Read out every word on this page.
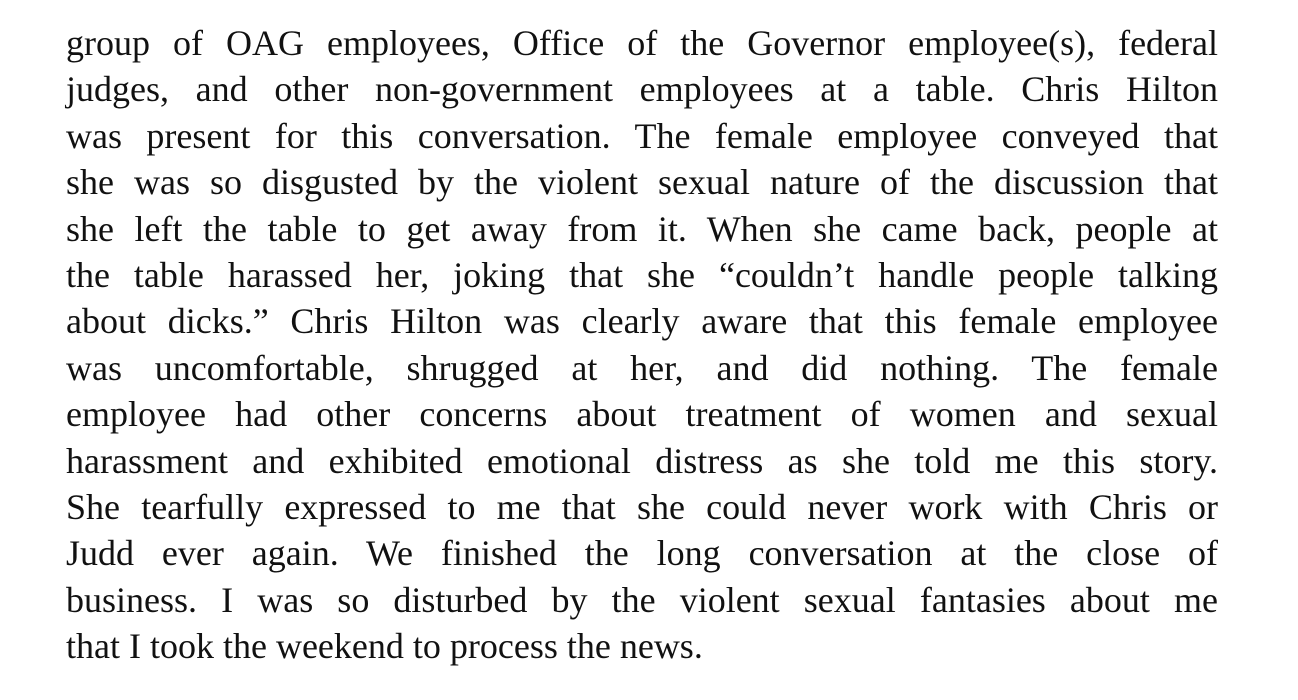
group of OAG employees, Office of the Governor employee(s), federal
judges, and other non-government employees at a table. Chris Hilton
was present for this conversation. The female employee conveyed that
she was so disgusted by the violent sexual nature of the discussion that
she left the table to get away from it. When she came back, people at
the table harassed her, joking that she “couldn’t handle people talking
about dicks.” Chris Hilton was clearly aware that this female employee
was uncomfortable, shrugged at her, and did nothing. The female
employee had other concerns about treatment of women and sexual
harassment and exhibited emotional distress as she told me this story.
She tearfully expressed to me that she could never work with Chris or
Judd ever again. We finished the long conversation at the close of
business. I was so disturbed by the violent sexual fantasies about me
that I took the weekend to process the news.
